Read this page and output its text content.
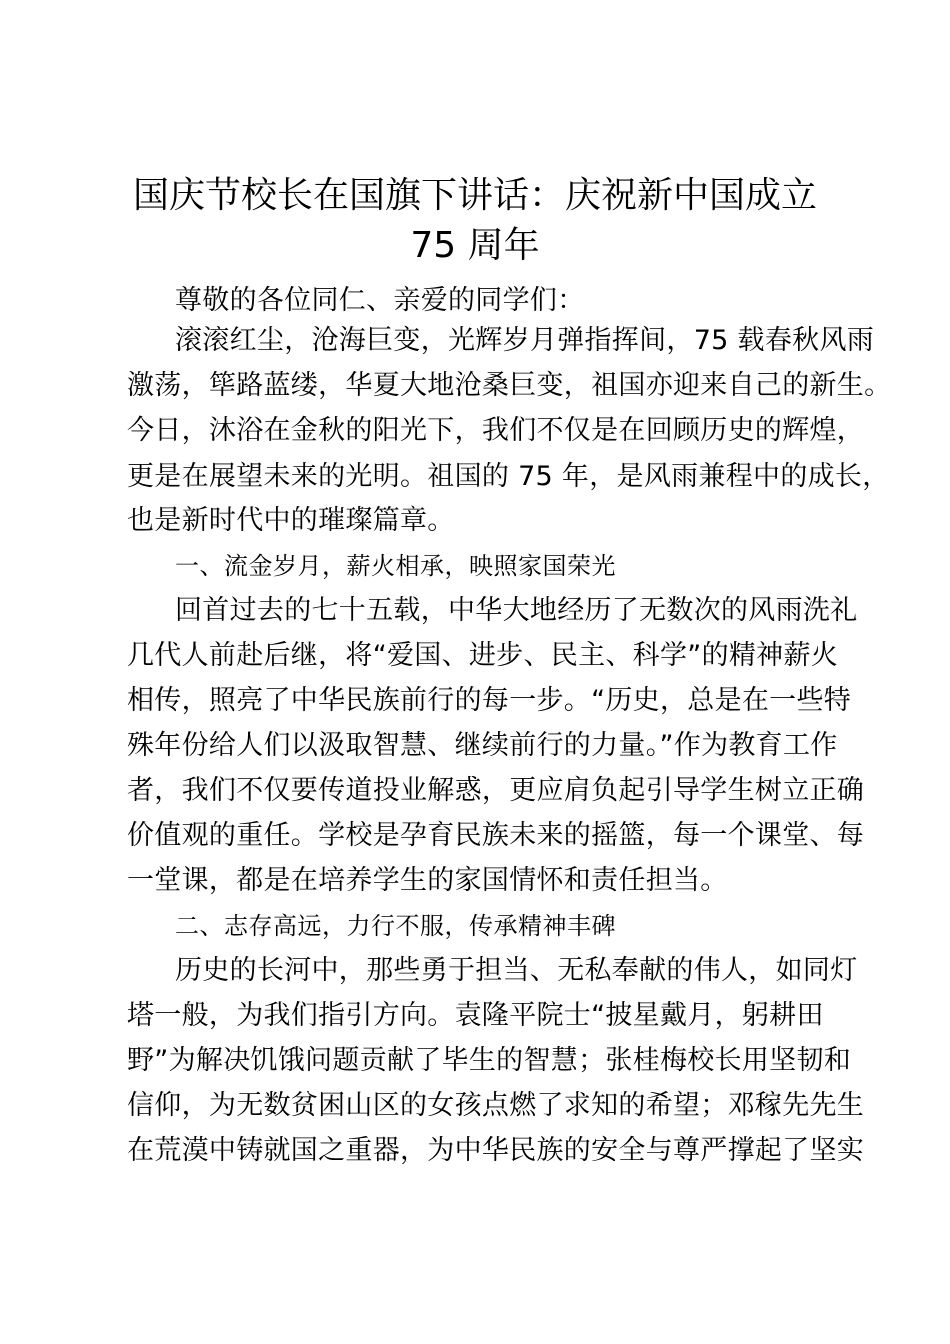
国庆节校长在国旗下讲话：庆祝新中国成立
75 周年
尊敬的各位同仁、亲爱的同学们：
滚滚红尘，沧海巨变，光辉岁月弹指挥间，75 载春秋风雨
激荡，筚路蓝缕，华夏大地沧桑巨变，祖国亦迎来自己的新生。
今日，沐浴在金秋的阳光下，我们不仅是在回顾历史的辉煌，
更是在展望未来的光明。祖国的 75 年，是风雨兼程中的成长，
也是新时代中的璀璨篇章。
一、流金岁月，薪火相承，映照家国荣光
回首过去的七十五载，中华大地经历了无数次的风雨洗礼
几代人前赴后继，将“爱国、进步、民主、科学”的精神薪火
相传，照亮了中华民族前行的每一步。“历史，总是在一些特
殊年份给人们以汲取智慧、继续前行的力量。”作为教育工作
者，我们不仅要传道投业解惑，更应肩负起引导学生树立正确
价值观的重任。学校是孕育民族未来的摇篮，每一个课堂、每
一堂课，都是在培养学生的家国情怀和责任担当。
二、志存高远，力行不服，传承精神丰碑
历史的长河中，那些勇于担当、无私奉献的伟人，如同灯
塔一般，为我们指引方向。袁隆平院士“披星戴月，躬耕田
野”为解决饥饿问题贡献了毕生的智慧；张桂梅校长用坚韧和
信仰，为无数贫困山区的女孩点燃了求知的希望；邓稼先先生
在荒漠中铸就国之重器，为中华民族的安全与尊严撑起了坚实
